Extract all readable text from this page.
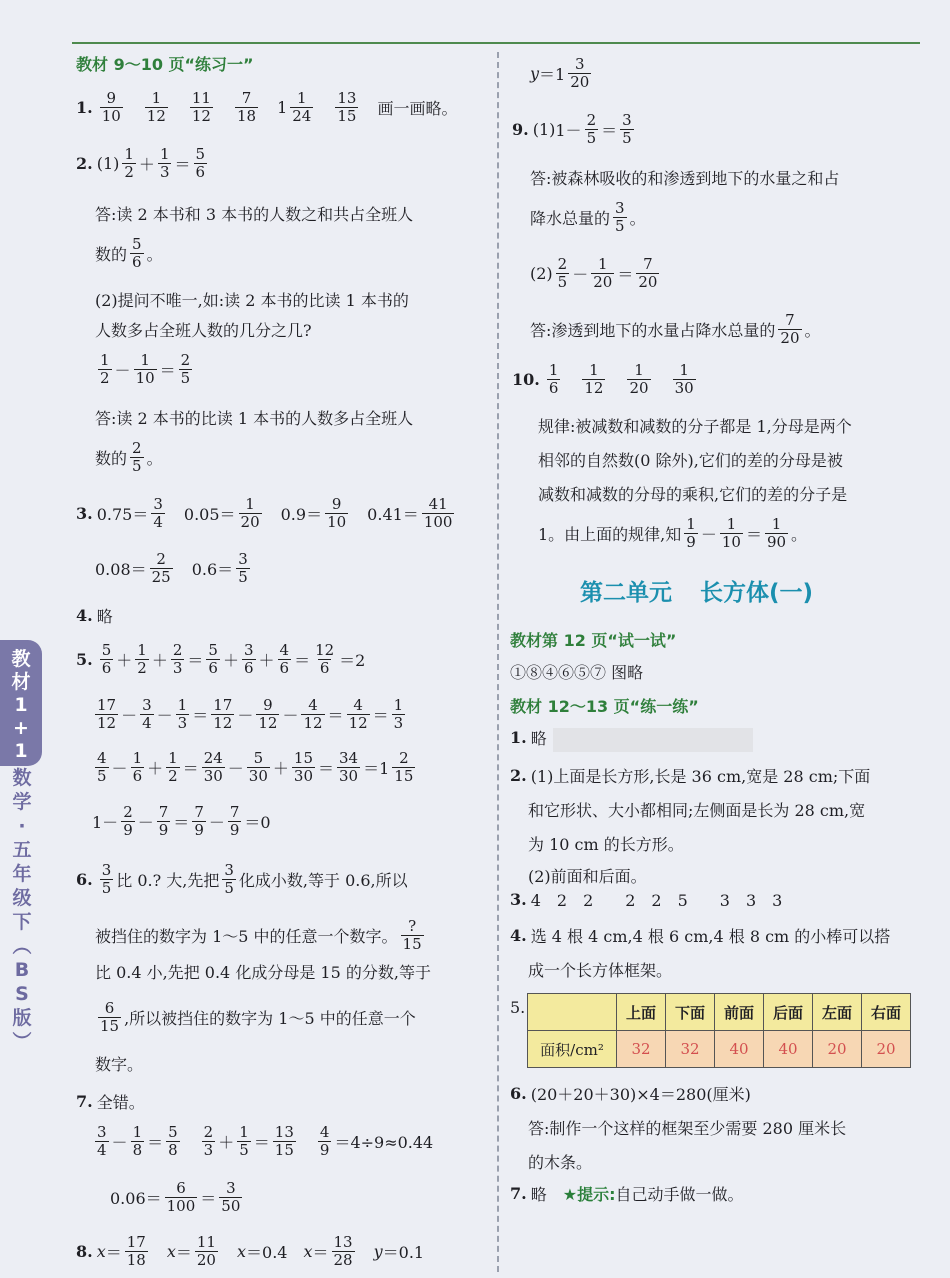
教
材
1
+
1
数
学
·
五
年
级
下
︵
B
S
版
︶
教材 9～10 页“练习一”
1. 9
10
1
12
11
12
7
18 1 1
24
13
15 画一画略。
2. (1) 1
2 ＋
1
3 ＝
5
6
答:读 2 本书和 3 本书的人数之和共占全班人
数的
5
6 。
(2)提问不唯一,如:读 2 本书的比读 1 本书的
人数多占全班人数的几分之几?
1
2 －
1
10 ＝
2
5
答:读 2 本书的比读 1 本书的人数多占全班人
数的
2
5 。
3. 0.75＝
3
4 0.05＝
1
20 0.9＝
9
10 0.41＝
41
100
0.08＝
2
25 0.6＝
3
5
4. 略
5. 5
6 ＋
1
2 ＋
2
3 ＝
5
6 ＋
3
6 ＋
4
6 ＝
12
6 ＝2
17
12 －
3
4 －
1
3 ＝
17
12 －
9
12 －
4
12 ＝
4
12 ＝
1
3
4
5 －
1
6 ＋
1
2 ＝
24
30 －
5
30 ＋
15
30 ＝
34
30 ＝1
2
15
1－
2
9 －
7
9 ＝
7
9 －
7
9 ＝0
6. 3
5 比 0.? 大,先把
3
5 化成小数,等于 0.6,所以
被挡住的数字为 1～5 中的任意一个数字。
?
15
比 0.4 小,先把 0.4 化成分母是 15 的分数,等于
6
15 ,所以被挡住的数字为 1～5 中的任意一个
数字。
7. 全错。
3
4 －
1
8 ＝
5
8
2
3 ＋
1
5 ＝
13
15
4
9 ＝4÷9≈0.44
0.06＝
6
100 ＝
3
50
8. x ＝
17
18 x ＝
11
20 x ＝0.4 x ＝
13
28 y ＝0.1
y ＝1
3
20
9. (1) 1－
2
5 ＝
3
5
答:被森林吸收的和渗透到地下的水量之和占
降水总量的
3
5 。
(2) 2
5 －
1
20 ＝
7
20
答:渗透到地下的水量占降水总量的
7
20 。
10. 1
6
1
12
1
20
1
30
规律:被减数和减数的分子都是 1,分母是两个
相邻的自然数(0 除外),它们的差的分母是被
减数和减数的分母的乘积,它们的差的分子是
1。由上面的规律,知
1
9 －
1
10 ＝
1
90 。
第二单元 长方体(一)
教材第 12 页“试一试”
①⑧④⑥⑤⑦ 图略
教材 12～13 页“练一练”
1. 略
2. (1)上面是长方形,长是 36 cm,宽是 28 cm;下面
和它形状、大小都相同;左侧面是长为 28 cm,宽
为 10 cm 的长方形。
(2)前面和后面。
3. 4　2　2　　2　2　5　　3　3　3
4. 选 4 根 4 cm,4 根 6 cm,4 根 8 cm 的小棒可以搭
成一个长方体框架。
5.
		上面	下面	前面	后面	左面	右面
面积/cm²	32	32	40	40	20	20
6. (20＋20＋30)×4＝280(厘米)
答:制作一个这样的框架至少需要 280 厘米长
的木条。
7. 略 ★提示: 自己动手做一做。
